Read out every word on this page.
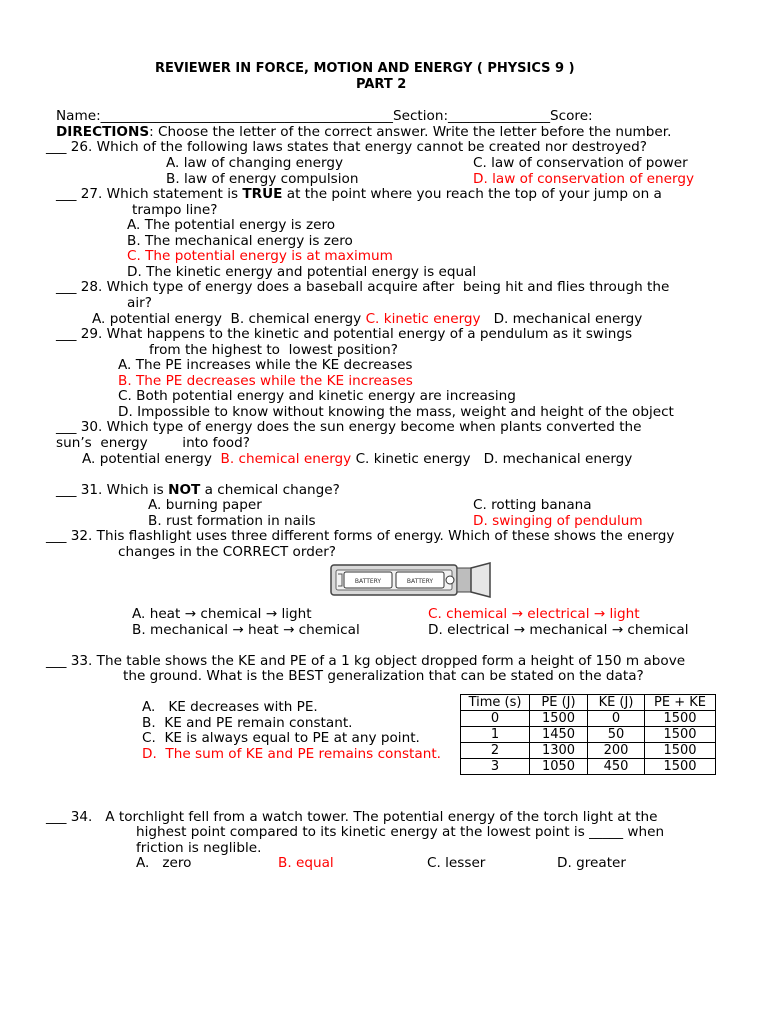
REVIEWER IN FORCE, MOTION AND ENERGY ( PHYSICS 9 )
PART 2
Name:___________________________________________Section:_______________Score:
DIRECTIONS: Choose the letter of the correct answer. Write the letter before the number.
___ 26. Which of the following laws states that energy cannot be created nor destroyed?
A. law of changing energy	C. law of conservation of power
B. law of energy compulsion	D. law of conservation of energy
___ 27. Which statement is TRUE at the point where you reach the top of your jump on a
trampo line?
A. The potential energy is zero
B. The mechanical energy is zero
C. The potential energy is at maximum
D. The kinetic energy and potential energy is equal
___ 28. Which type of energy does a baseball acquire after  being hit and flies through the
air?
A. potential energy B. chemical energy C. kinetic energy D. mechanical energy
___ 29. What happens to the kinetic and potential energy of a pendulum as it swings
from the highest to  lowest position?
A. The PE increases while the KE decreases
B. The PE decreases while the KE increases
C. Both potential energy and kinetic energy are increasing
D. Impossible to know without knowing the mass, weight and height of the object
___ 30. Which type of energy does the sun energy become when plants converted the
sun’s  energy        into food?
A. potential energy B. chemical energy C. kinetic energy D. mechanical energy
___ 31. Which is NOT a chemical change?
A. burning paper	C. rotting banana
B. rust formation in nails	D. swinging of pendulum
___ 32. This flashlight uses three different forms of energy. Which of these shows the energy
changes in the CORRECT order?
BATTERY	BATTERY
A. heat → chemical → light	C. chemical → electrical → light
B. mechanical → heat → chemical	D. electrical → mechanical → chemical
___ 33. The table shows the KE and PE of a 1 kg object dropped form a height of 150 m above
the ground. What is the BEST generalization that can be stated on the data?
A.   KE decreases with PE.
B.  KE and PE remain constant.
C.  KE is always equal to PE at any point.
D.  The sum of KE and PE remains constant.
Time (s)	PE (J)	KE (J)	PE + KE
0	1500	0	1500
1	1450	50	1500
2	1300	200	1500
3	1050	450	1500
___ 34.   A torchlight fell from a watch tower. The potential energy of the torch light at the
highest point compared to its kinetic energy at the lowest point is _____ when
friction is neglible.
A.   zero	B. equal	C. lesser	D. greater
